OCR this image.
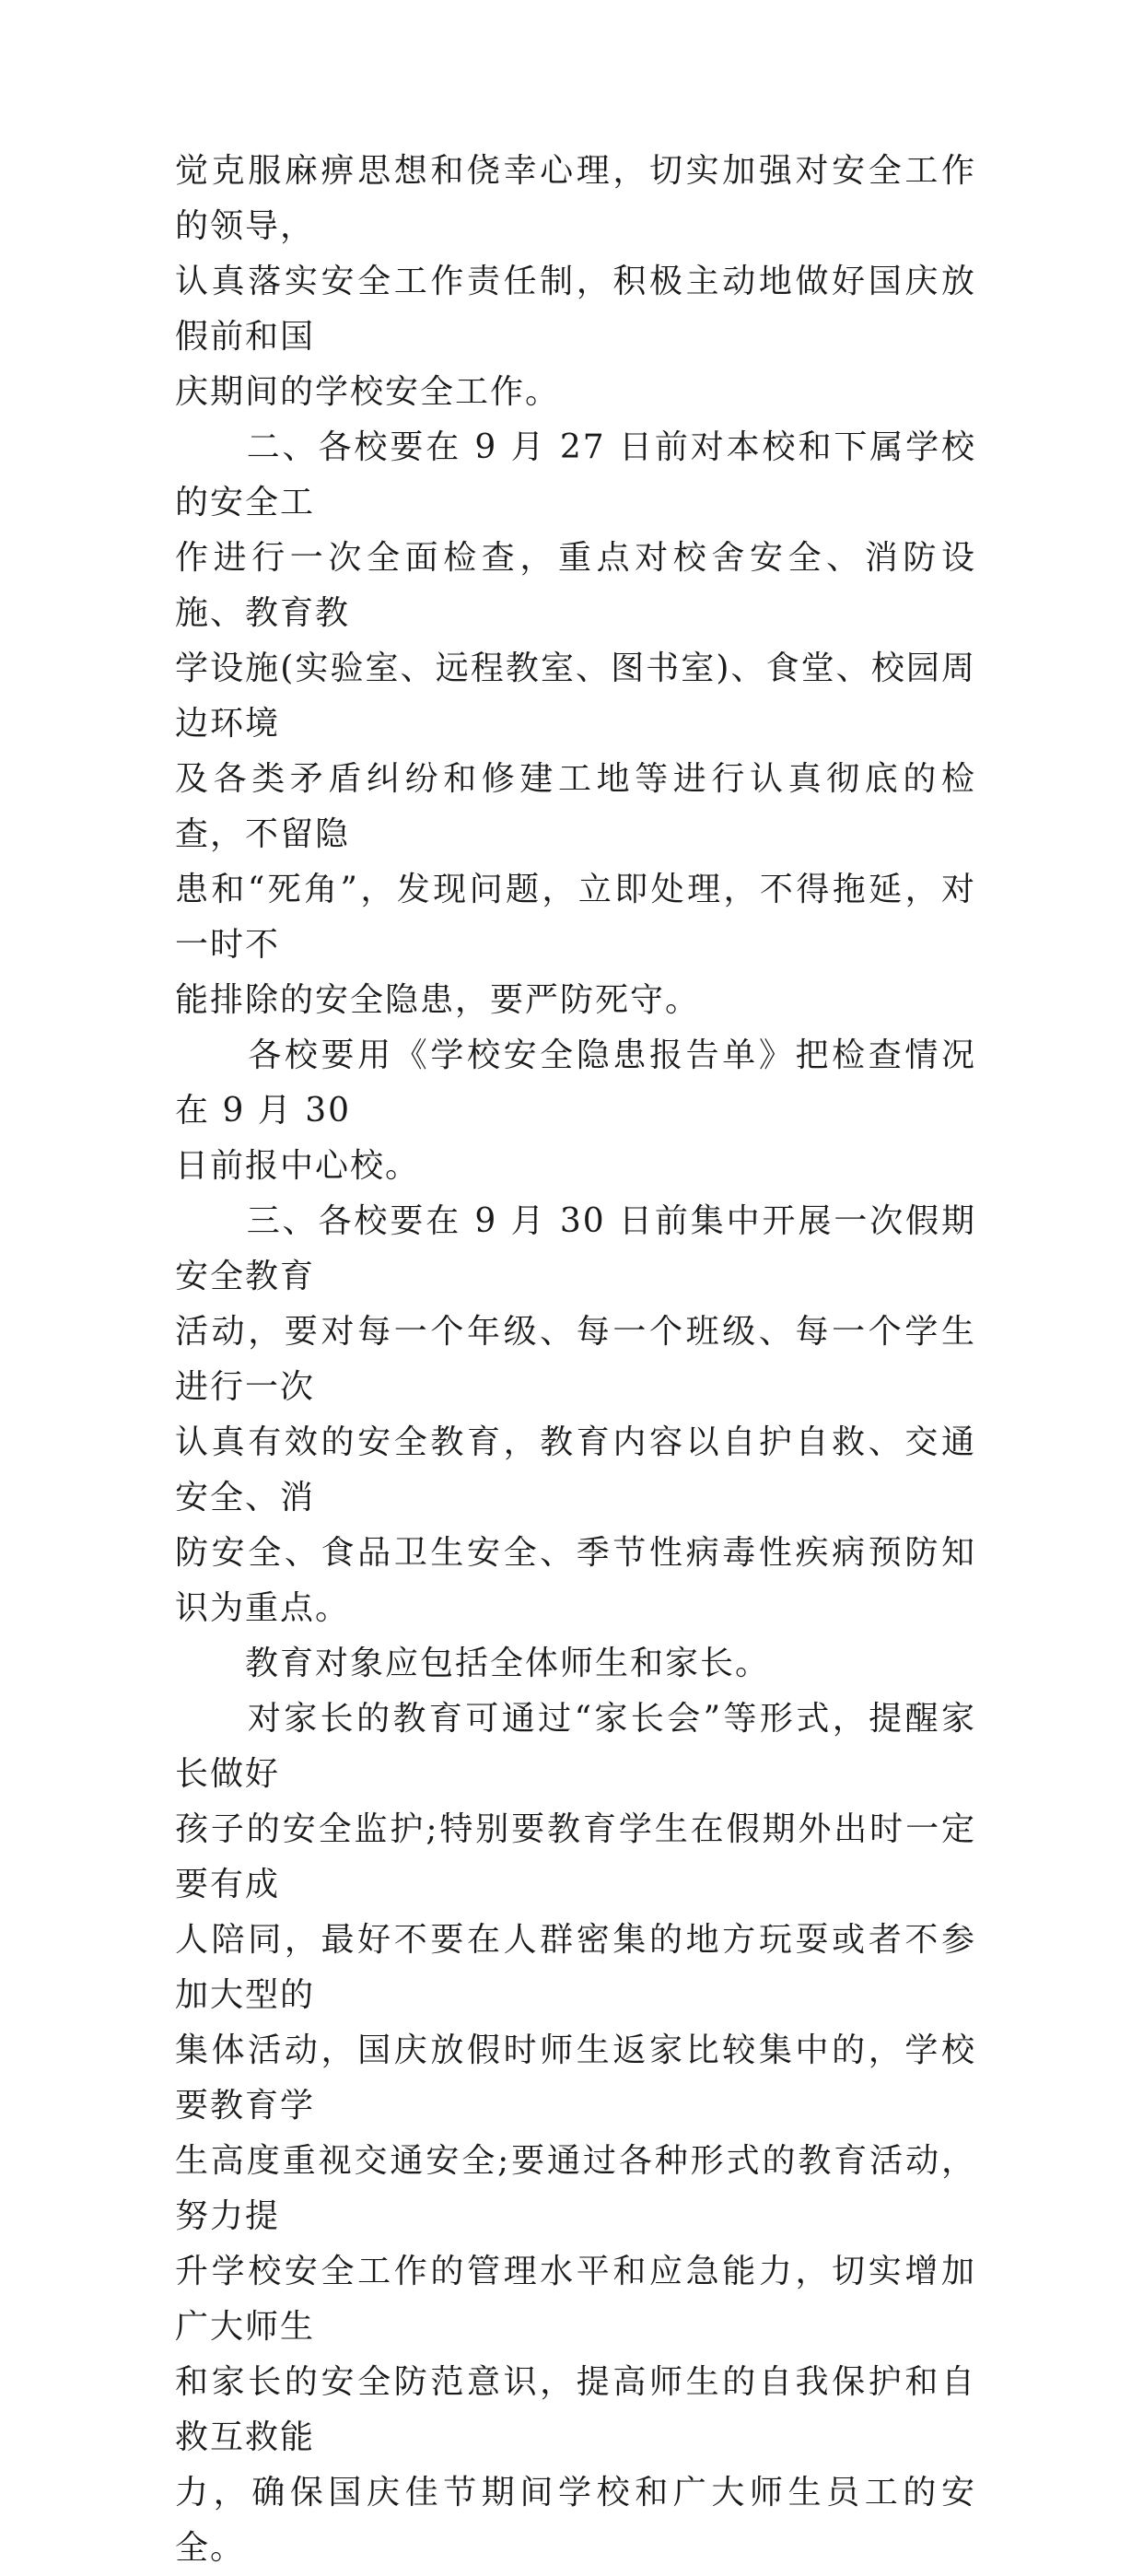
觉克服麻痹思想和侥幸心理，切实加强对安全工作的领导，
认真落实安全工作责任制，积极主动地做好国庆放假前和国
庆期间的学校安全工作。

　　二、各校要在 9 月 27 日前对本校和下属学校的安全工
作进行一次全面检查，重点对校舍安全、消防设施、教育教
学设施(实验室、远程教室、图书室)、食堂、校园周边环境
及各类矛盾纠纷和修建工地等进行认真彻底的检查，不留隐
患和“死角”，发现问题，立即处理，不得拖延，对一时不
能排除的安全隐患，要严防死守。

　　各校要用《学校安全隐患报告单》把检查情况在 9 月 30
日前报中心校。

　　三、各校要在 9 月 30 日前集中开展一次假期安全教育
活动，要对每一个年级、每一个班级、每一个学生进行一次
认真有效的安全教育，教育内容以自护自救、交通安全、消
防安全、食品卫生安全、季节性病毒性疾病预防知识为重点。

　　教育对象应包括全体师生和家长。

　　对家长的教育可通过“家长会”等形式，提醒家长做好
孩子的安全监护;特别要教育学生在假期外出时一定要有成
人陪同，最好不要在人群密集的地方玩耍或者不参加大型的
集体活动，国庆放假时师生返家比较集中的，学校要教育学
生高度重视交通安全;要通过各种形式的教育活动，努力提
升学校安全工作的管理水平和应急能力，切实增加广大师生
和家长的安全防范意识，提高师生的自我保护和自救互救能
力，确保国庆佳节期间学校和广大师生员工的安全。
